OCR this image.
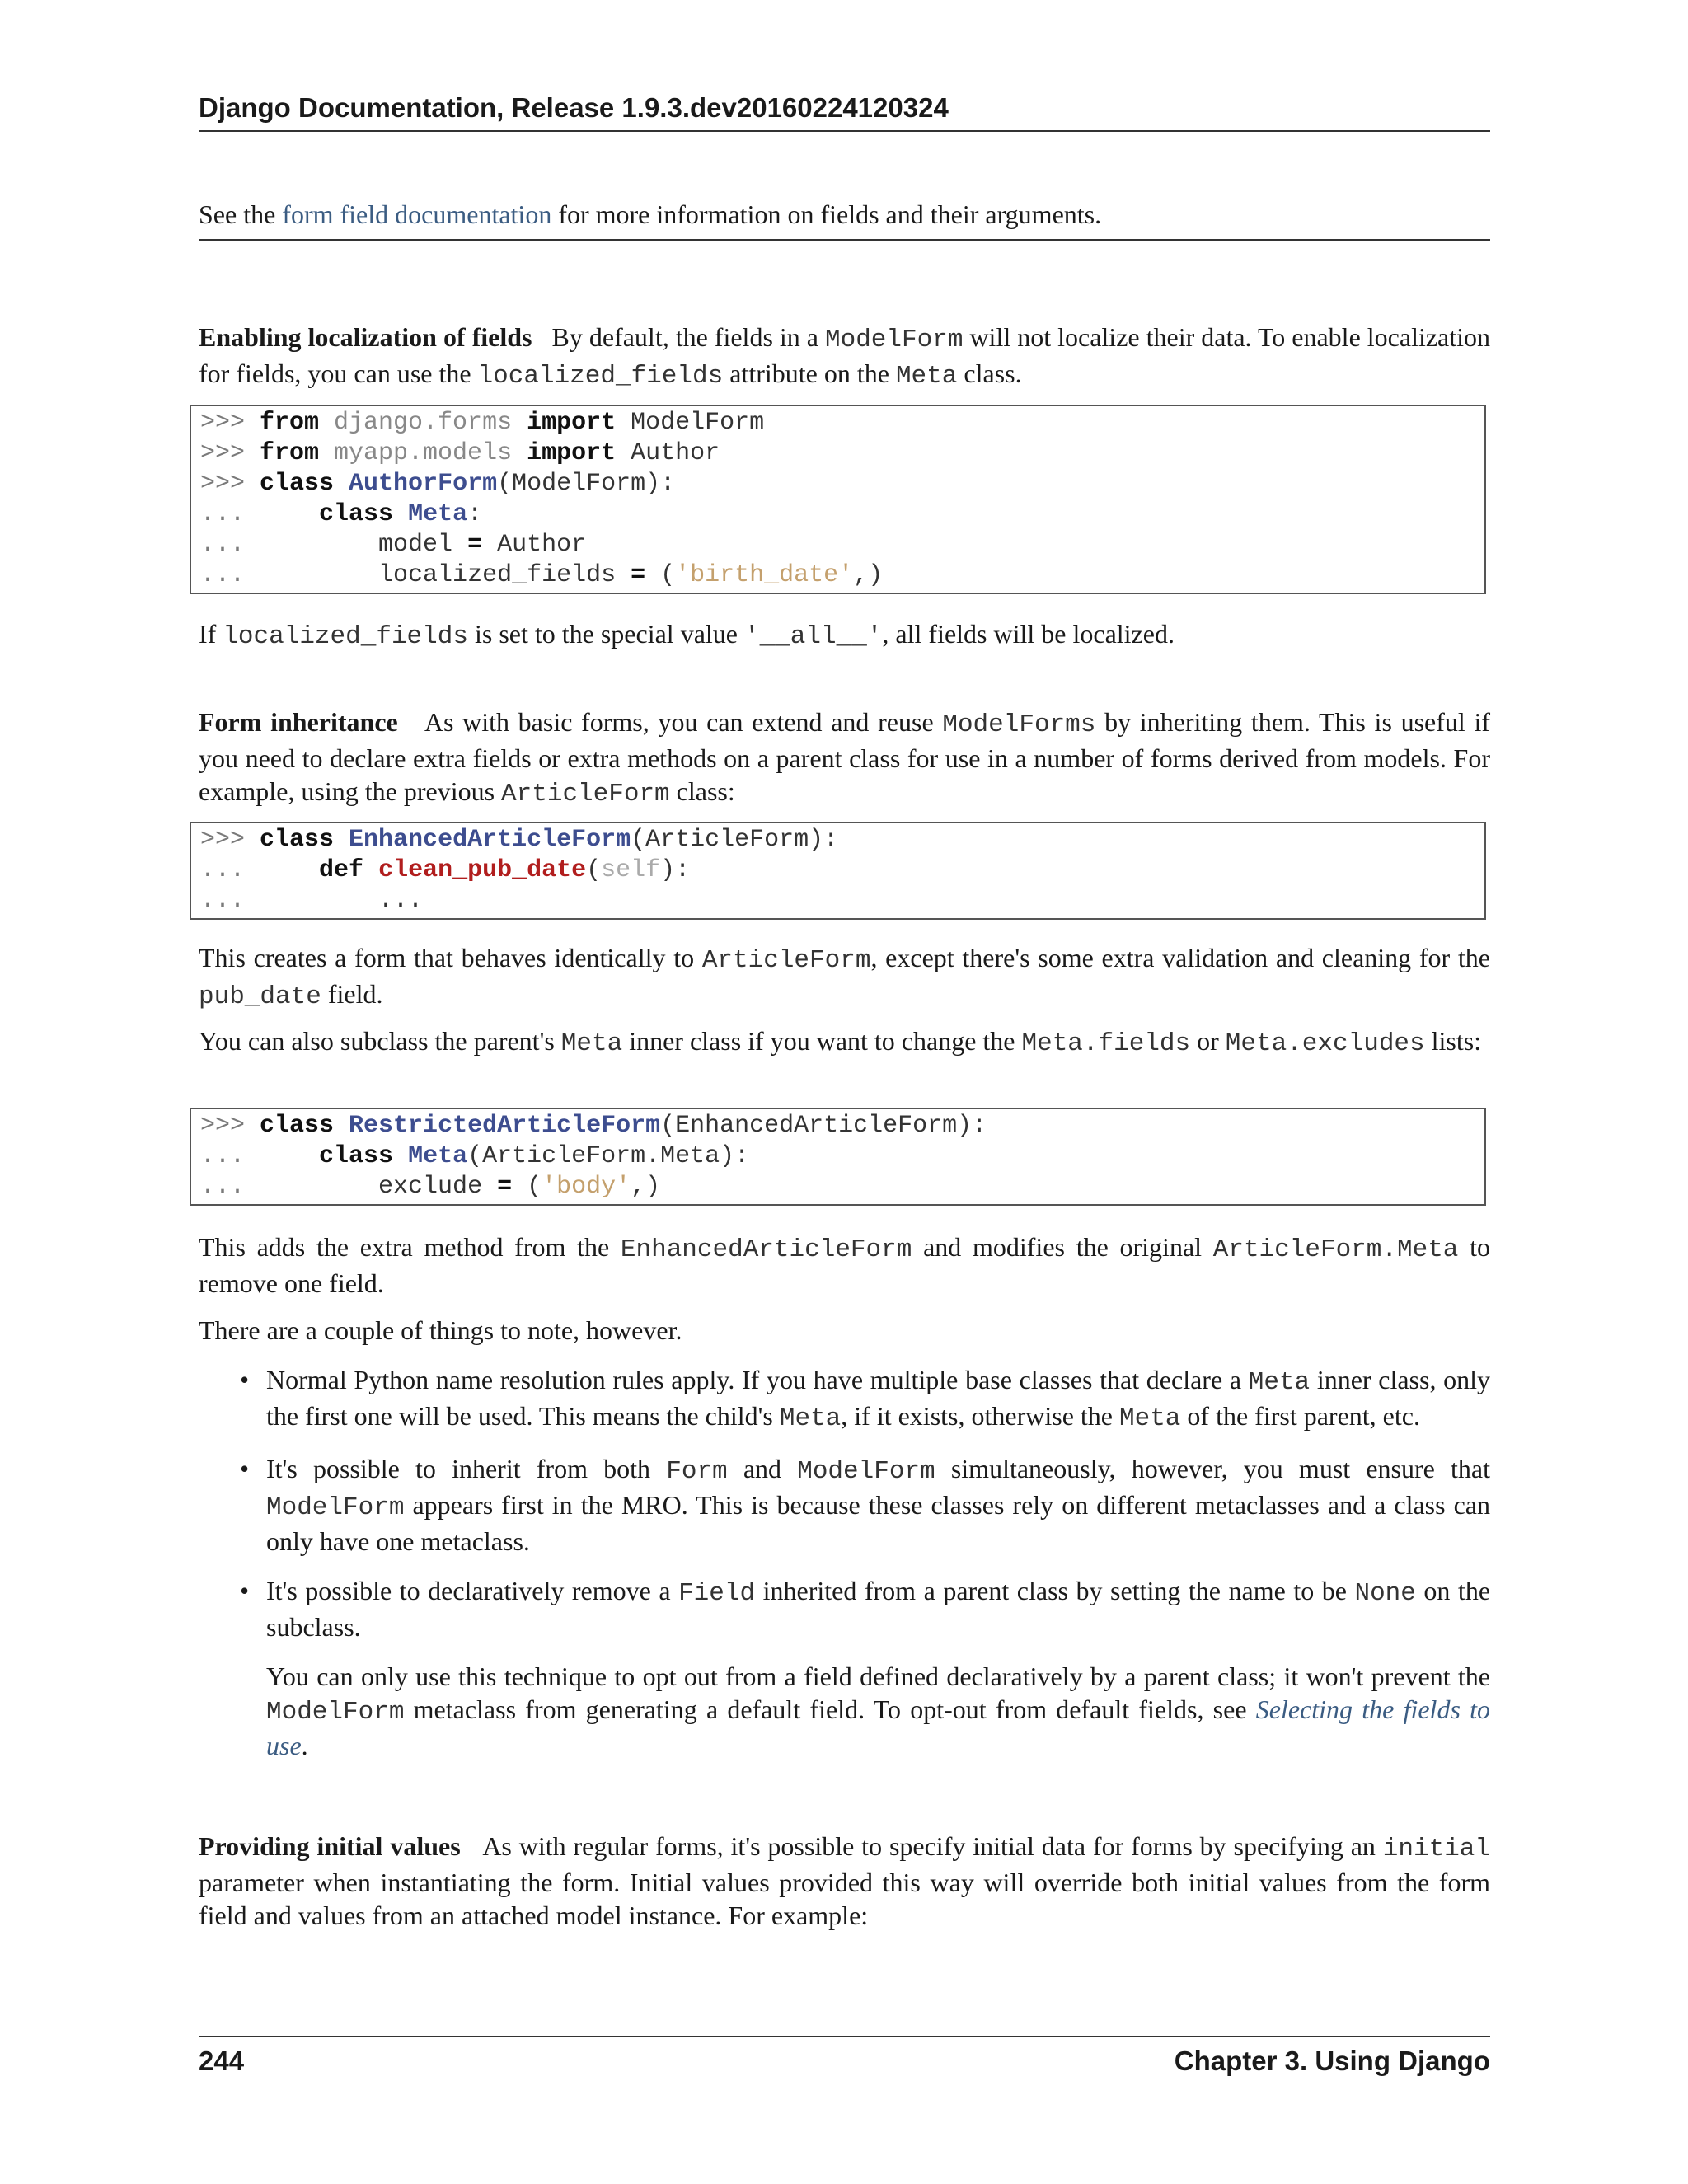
Django Documentation, Release 1.9.3.dev20160224120324

See the form field documentation for more information on fields and their arguments.

Enabling localization of fields By default, the fields in a ModelForm will not localize their data. To enable localization for fields, you can use the localized_fields attribute on the Meta class.

>>> from django.forms import ModelForm
>>> from myapp.models import Author
>>> class AuthorForm(ModelForm):
...     class Meta:
...         model = Author
...         localized_fields = ('birth_date',)

If localized_fields is set to the special value '__all__', all fields will be localized.

Form inheritance As with basic forms, you can extend and reuse ModelForms by inheriting them. This is useful if you need to declare extra fields or extra methods on a parent class for use in a number of forms derived from models. For example, using the previous ArticleForm class:

>>> class EnhancedArticleForm(ArticleForm):
...     def clean_pub_date(self):
...         ...

This creates a form that behaves identically to ArticleForm, except there's some extra validation and cleaning for the pub_date field.

You can also subclass the parent's Meta inner class if you want to change the Meta.fields or Meta.excludes lists:

>>> class RestrictedArticleForm(EnhancedArticleForm):
...     class Meta(ArticleForm.Meta):
...         exclude = ('body',)

This adds the extra method from the EnhancedArticleForm and modifies the original ArticleForm.Meta to remove one field.

There are a couple of things to note, however.

• Normal Python name resolution rules apply. If you have multiple base classes that declare a Meta inner class, only the first one will be used. This means the child's Meta, if it exists, otherwise the Meta of the first parent, etc.
• It's possible to inherit from both Form and ModelForm simultaneously, however, you must ensure that ModelForm appears first in the MRO. This is because these classes rely on different metaclasses and a class can only have one metaclass.
• It's possible to declaratively remove a Field inherited from a parent class by setting the name to be None on the subclass.
You can only use this technique to opt out from a field defined declaratively by a parent class; it won't prevent the ModelForm metaclass from generating a default field. To opt-out from default fields, see Selecting the fields to use.

Providing initial values As with regular forms, it's possible to specify initial data for forms by specifying an initial parameter when instantiating the form. Initial values provided this way will override both initial values from the form field and values from an attached model instance. For example:

244	Chapter 3. Using Django
